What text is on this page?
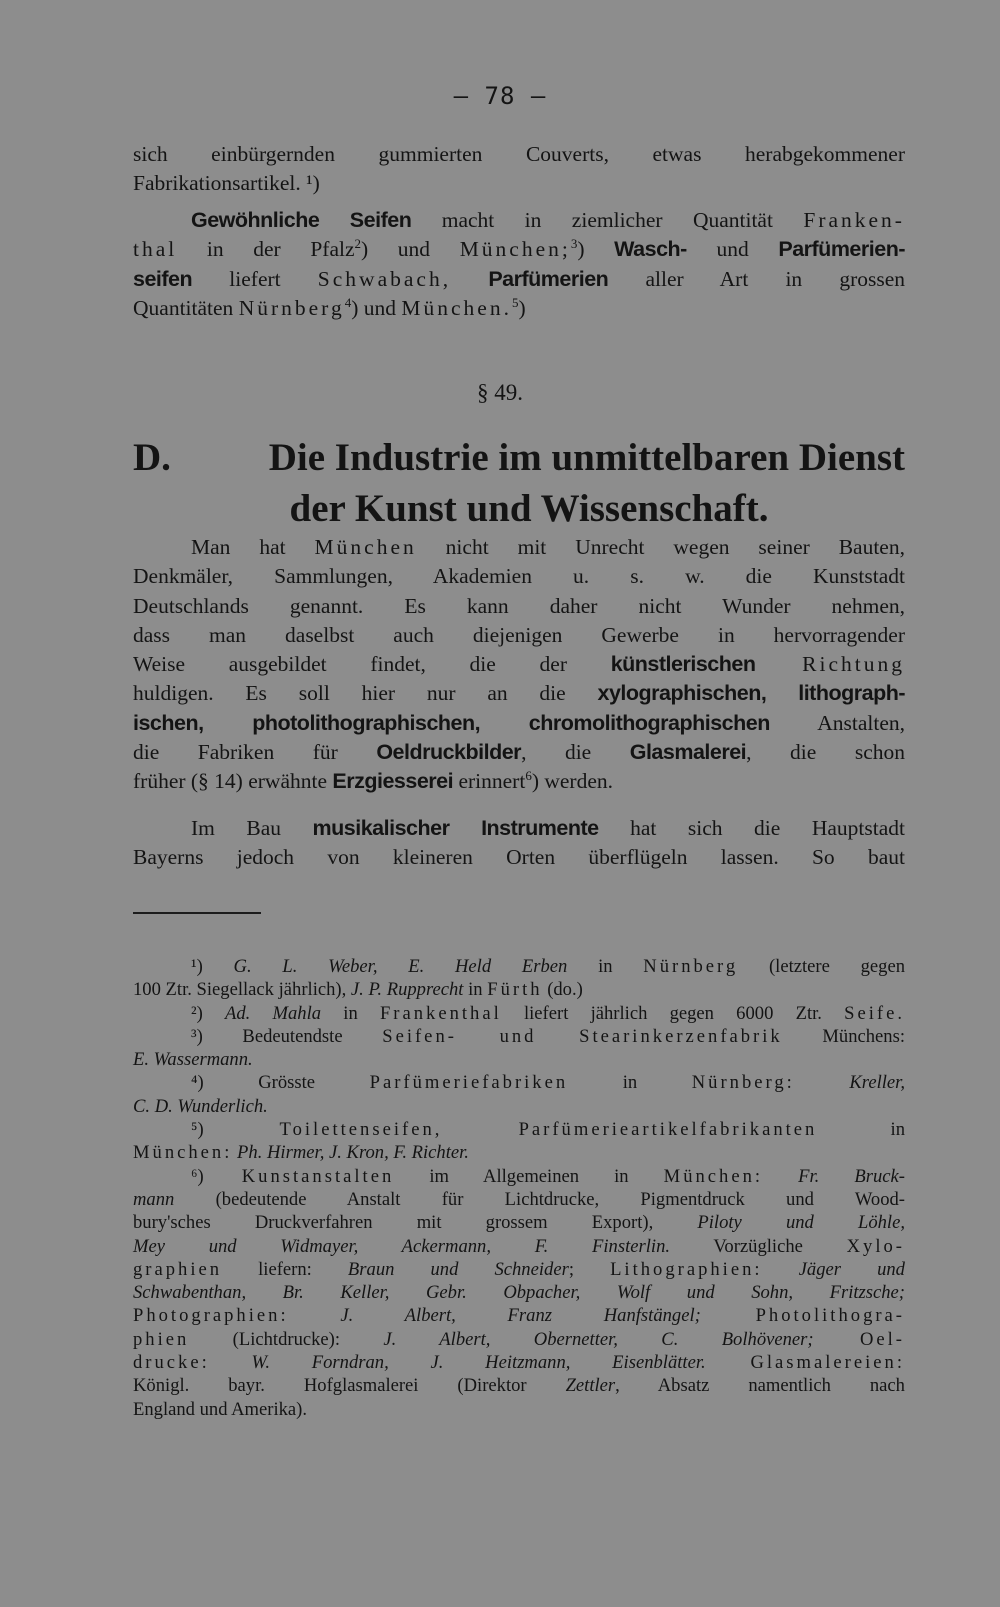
— 78 —
sich einbürgernden gummierten Couverts, etwas herabgekommener
Fabrikationsartikel. ¹)
Gewöhnliche Seifen macht in ziemlicher Quantität Franken-
thal in der Pfalz$^2$) und München;$^3$) Wasch- und Parfümerien-
seifen liefert Schwabach, Parfümerien aller Art in grossen
Quantitäten Nürnberg$^4$) und München.$^5$)
§ 49.
D.	Die Industrie im unmittelbaren Dienst
der Kunst und Wissenschaft.
Man hat München nicht mit Unrecht wegen seiner Bauten,
Denkmäler, Sammlungen, Akademien u. s. w. die Kunststadt
Deutschlands genannt. Es kann daher nicht Wunder nehmen,
dass man daselbst auch diejenigen Gewerbe in hervorragender
Weise ausgebildet findet, die der künstlerischen Richtung
huldigen. Es soll hier nur an die xylographischen, lithograph-
ischen, photolithographischen, chromolithographischen Anstalten,
die Fabriken für Oeldruckbilder, die Glasmalerei, die schon
früher (§ 14) erwähnte Erzgiesserei erinnert$^6$) werden.
Im Bau musikalischer Instrumente hat sich die Hauptstadt
Bayerns jedoch von kleineren Orten überflügeln lassen. So baut
¹) G. L. Weber, E. Held Erben in Nürnberg (letztere gegen
100 Ztr. Siegellack jährlich), J. P. Rupprecht in Fürth (do.)
²) Ad. Mahla in Frankenthal liefert jährlich gegen 6000 Ztr. Seife.
³) Bedeutendste Seifen- und Stearinkerzenfabrik Münchens:
E. Wassermann.
⁴) Grösste Parfümeriefabriken in Nürnberg:	Kreller,
C. D. Wunderlich.
⁵) Toilettenseifen, Parfümerieartikelfabrikanten in
München: Ph. Hirmer, J. Kron, F. Richter.
⁶) Kunstanstalten im Allgemeinen in München: Fr. Bruck-
mann (bedeutende Anstalt für Lichtdrucke, Pigmentdruck und Wood-
bury'sches Druckverfahren mit grossem Export), Piloty und Löhle,
Mey und Widmayer, Ackermann, F. Finsterlin. Vorzügliche Xylo-
graphien liefern: Braun und Schneider; Lithographien: Jäger und
Schwabenthan, Br. Keller, Gebr. Obpacher, Wolf und Sohn, Fritzsche;
Photographien: J. Albert, Franz Hanfstängel; Photolithogra-
phien (Lichtdrucke): J. Albert, Obernetter, C. Bolhövener; Oel-
drucke: W. Forndran, J. Heitzmann, Eisenblätter. Glasmalereien:
Königl. bayr. Hofglasmalerei (Direktor Zettler, Absatz namentlich nach
England und Amerika).
